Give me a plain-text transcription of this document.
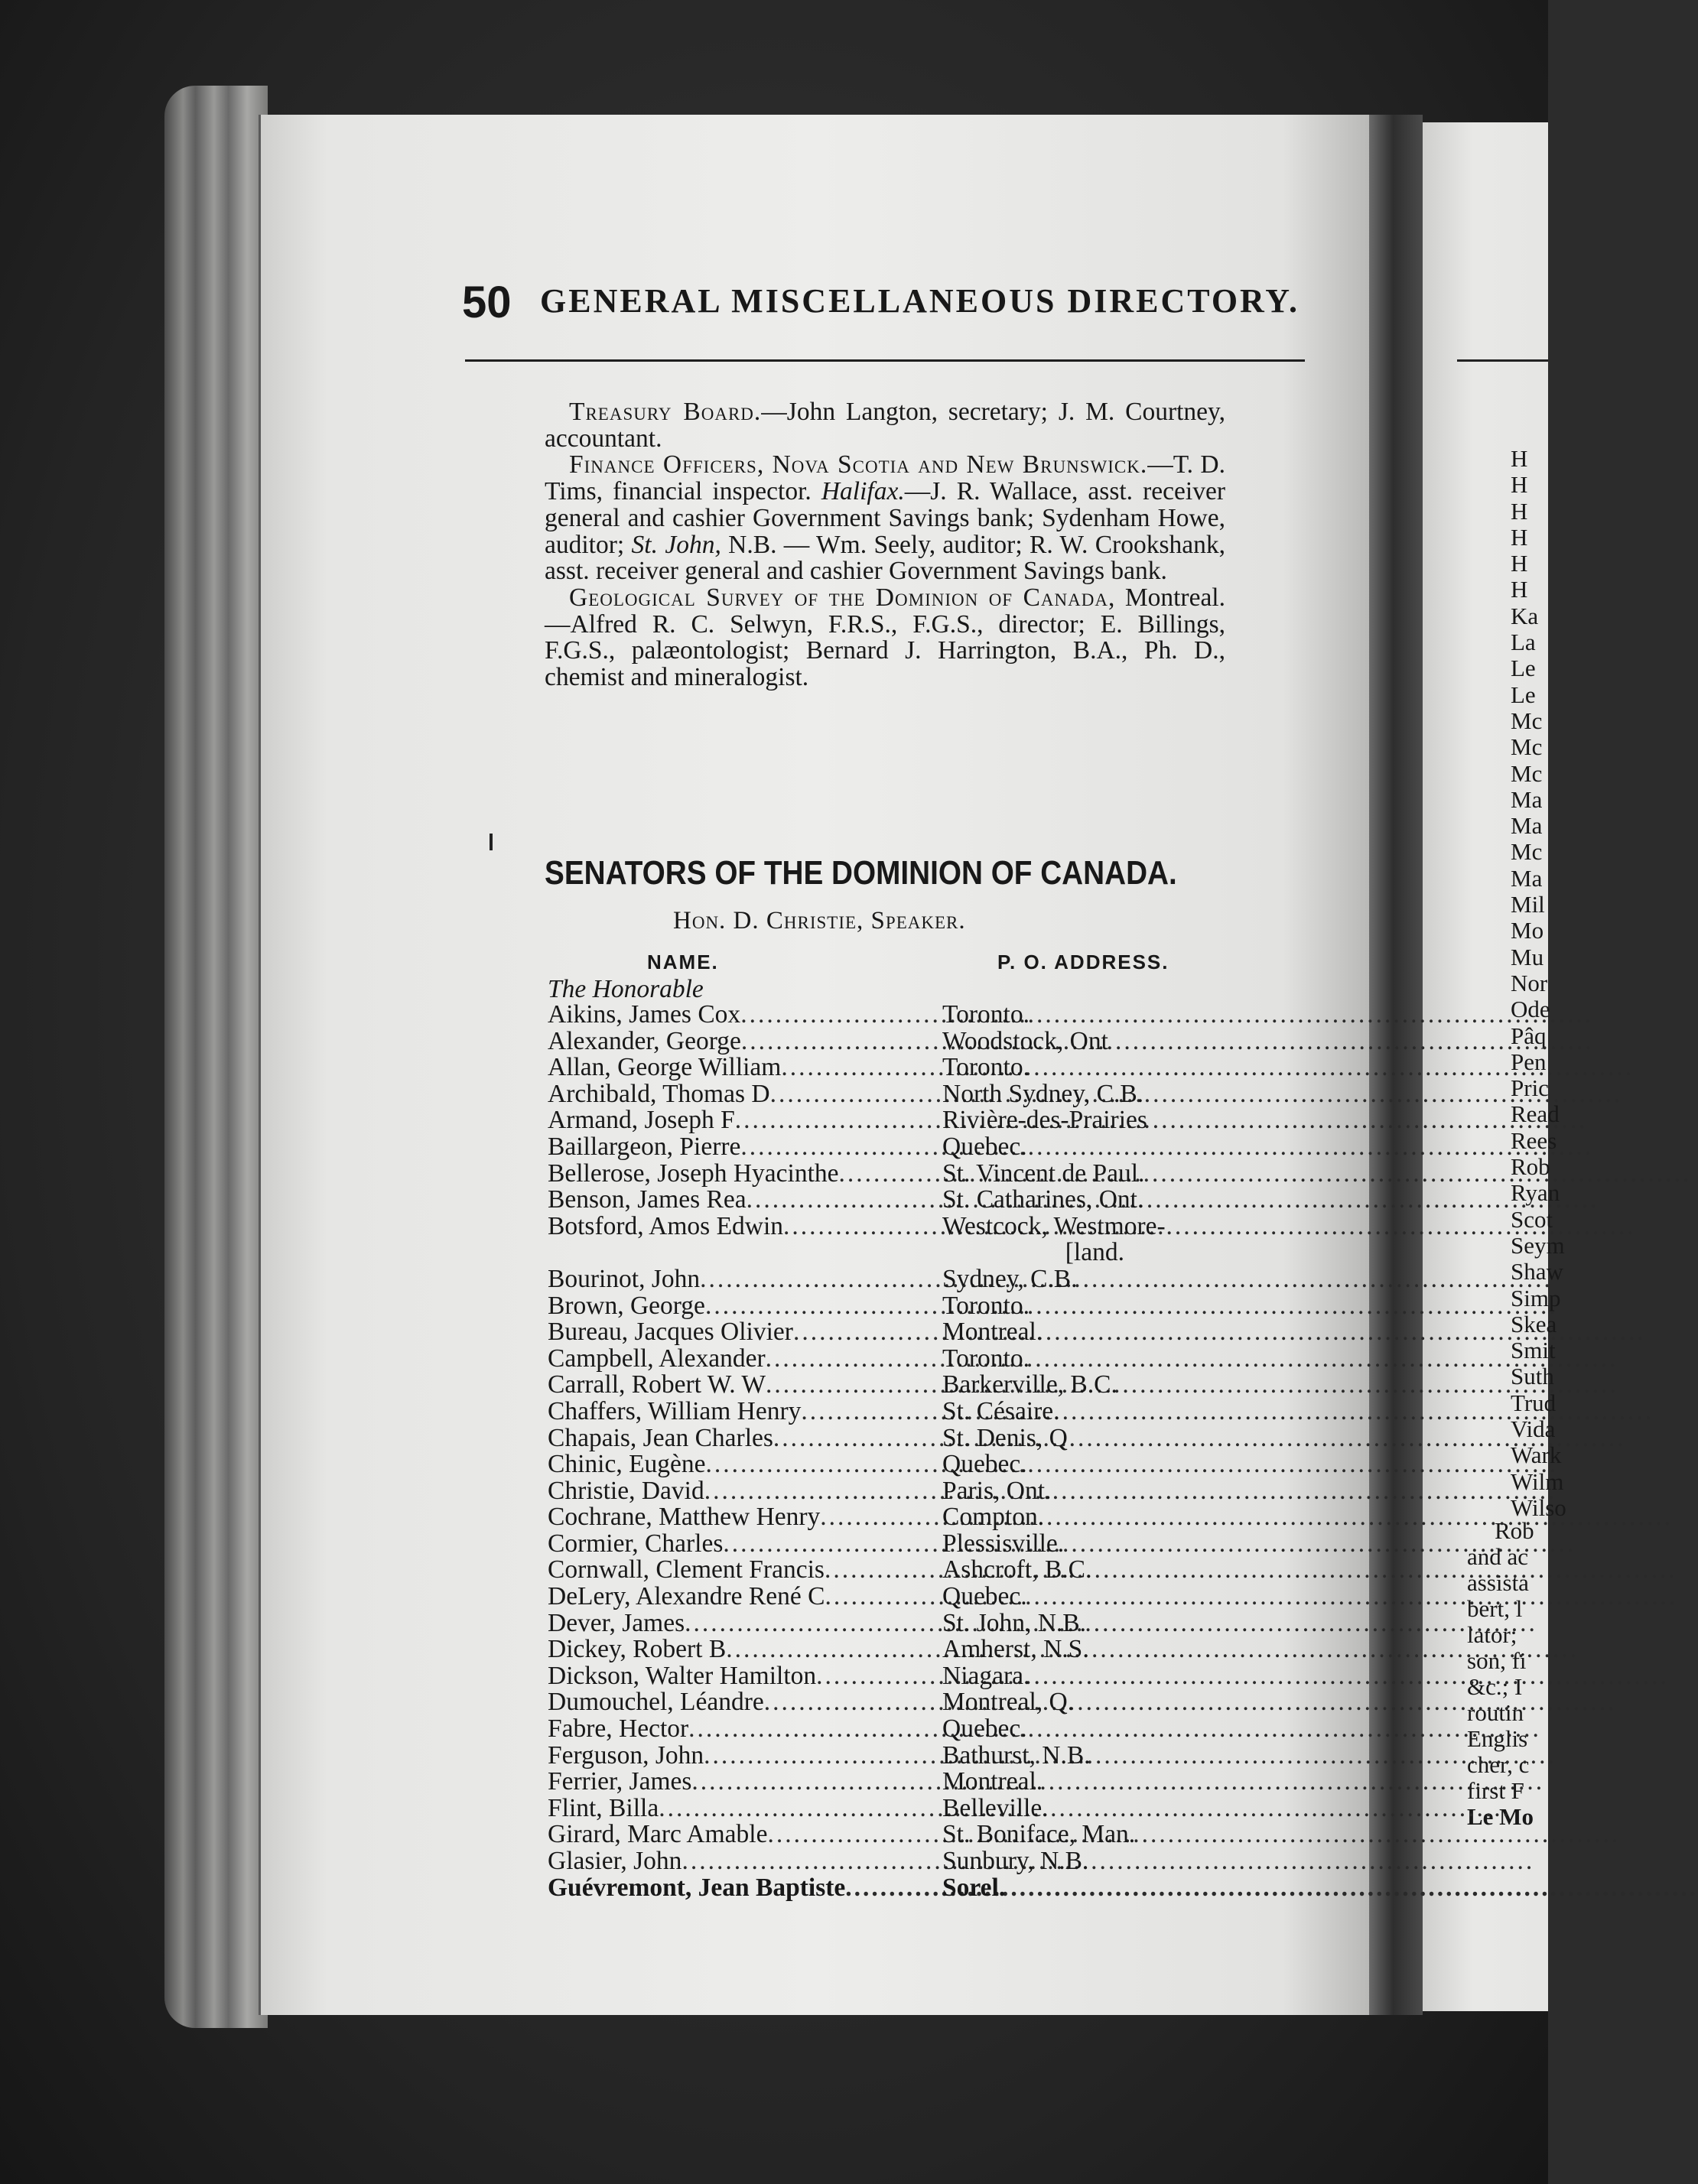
H
H
H
H
H
H
Ka
La
Le
Le
Mc
Mc
Mc
Ma
Ma
Mc
Ma
Mil
Mo
Mu
Nor
Ode
Pâq
Pen
Pric
Read
Rees
Rob
Ryan
Scot
Seym
Shaw
Simp
Skea
Smit
Suth
Trud
Vida
Wark
Wilm
Wilso
Rob
and ac
assista
bert, l
lator;
son, fi
&c.; I
routin
Englis
cher, c
first F
Le Mo
50 GENERAL MISCELLANEOUS DIRECTORY.

Treasury Board.—John Langton, secretary; J. M. Courtney, accountant.

Finance Officers, Nova Scotia and New Brunswick.—T. D. Tims, financial inspector. Halifax.—J. R. Wallace, asst. receiver general and cashier Government Savings bank; Sydenham Howe, auditor; St. John, N.B. — Wm. Seely, auditor; R. W. Crookshank, asst. receiver general and cashier Government Savings bank.

Geological Survey of the Dominion of Canada, Montreal.—Alfred R. C. Selwyn, F.R.S., F.G.S., director; E. Billings, F.G.S., palæontologist; Bernard J. Harrington, B.A., Ph. D., chemist and mineralogist.

SENATORS OF THE DOMINION OF CANADA.
Hon. D. Christie, Speaker.
NAME.	P. O. ADDRESS.
The Honorable
Aikins, James Cox .....	Toronto.
Alexander, George .....	Woodstock, Ont
Allan, George William .....	Toronto.
Archibald, Thomas D .....	North Sydney, C.B.
Armand, Joseph F .....	Rivière-des-Prairies
Baillargeon, Pierre .....	Quebec.
Bellerose, Joseph Hyacinthe .....	St. Vincent de Paul.
Benson, James Rea .....	St. Catharines, Ont.
Botsford, Amos Edwin .....	Westcock, Westmore-
[land.
Bourinot, John .....	Sydney, C.B.
Brown, George .....	Toronto.
Bureau, Jacques Olivier .....	Montreal.
Campbell, Alexander .....	Toronto.
Carrall, Robert W. W .....	Barkerville, B.C.
Chaffers, William Henry .....	St. Césaire.
Chapais, Jean Charles .....	St. Denis, Q
Chinic, Eugène .....	Quebec.
Christie, David .....	Paris, Ont.
Cochrane, Matthew Henry .....	Compton.
Cormier, Charles .....	Plessisville.
Cornwall, Clement Francis .....	Ashcroft, B.C.
DeLery, Alexandre René C .....	Quebec.
Dever, James .....	St. John, N.B.
Dickey, Robert B .....	Amherst, N.S.
Dickson, Walter Hamilton .....	Niagara.
Dumouchel, Léandre .....	Montreal, Q.
Fabre, Hector .....	Quebec.
Ferguson, John .....	Bathurst, N.B.
Ferrier, James .....	Montreal.
Flint, Billa .....	Belleville.
Girard, Marc Amable .....	St. Boniface, Man.
Glasier, John .....	Sunbury, N.B.
Guévremont, Jean Baptiste .....	Sorel.
